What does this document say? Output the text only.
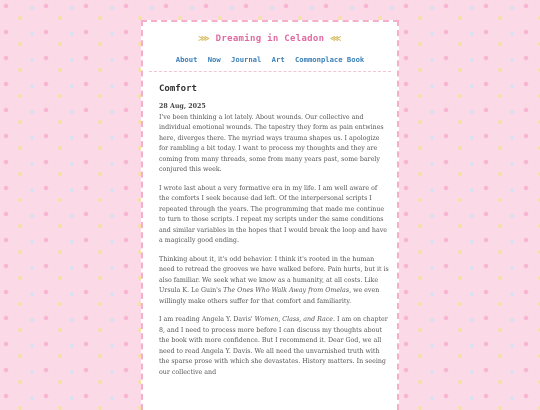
⋙ Dreaming in Celadon ⋘
About Now Journal Art Commonplace Book
Comfort
28 Aug, 2025

I've been thinking a lot lately. About wounds. Our collective and individual emotional wounds. The tapestry they form as pain entwines here, diverges there. The myriad ways trauma shapes us. I apologize for rambling a bit today. I want to process my thoughts and they are coming from many threads, some from many years past, some barely conjured this week.

I wrote last about a very formative era in my life. I am well aware of the comforts I seek because dad left. Of the interpersonal scripts I repeated through the years. The programming that made me continue to turn to those scripts. I repeat my scripts under the same conditions and similar variables in the hopes that I would break the loop and have a magically good ending.

Thinking about it, it's odd behavior. I think it's rooted in the human need to retread the grooves we have walked before. Pain hurts, but it is also familiar. We seek what we know as a humanity, at all costs. Like Ursula K. Le Guin's The Ones Who Walk Away from Omelas, we even willingly make others suffer for that comfort and familiarity.

I am reading Angela Y. Davis' Women, Class, and Race. I am on chapter 8, and I need to process more before I can discuss my thoughts about the book with more confidence. But I recommend it. Dear God, we all need to read Angela Y. Davis. We all need the unvarnished truth with the sparse prose with which she devastates. History matters. In seeing our collective and
